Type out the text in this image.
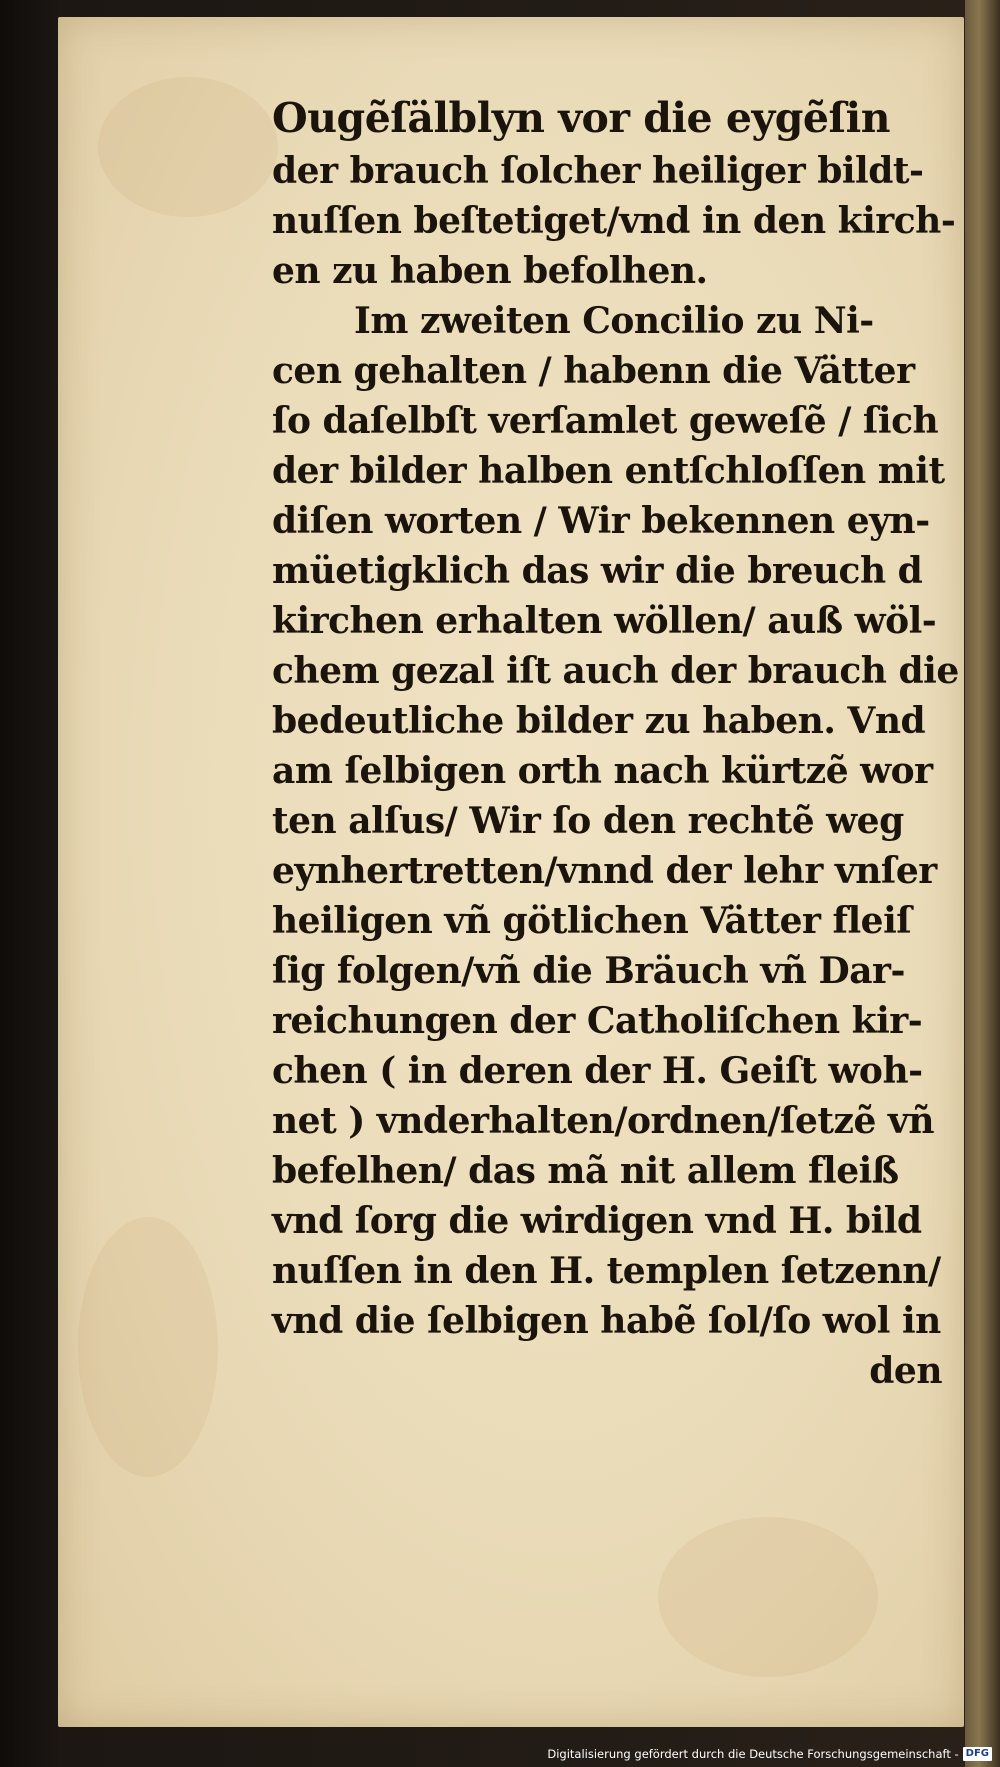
Ougẽſälblyn vor die eygẽſin
der brauch ſolcher heiliger bildt-
nuſſen beſtetiget/vnd in den kirch-
en zu haben befolhen.
Im zweiten Concilio zu Ni-
cen gehalten / habenn die Vätter
ſo daſelbſt verſamlet geweſẽ / ſich
der bilder halben entſchloſſen mit
diſen worten / Wir bekennen eyn-
müetigklich das wir die breuch d
kirchen erhalten wöllen/ auß wöl-
chem gezal iſt auch der brauch die
bedeutliche bilder zu haben. Vnd
am ſelbigen orth nach kürtzẽ wor
ten alſus/ Wir ſo den rechtẽ weg
eynhertretten/vnnd der lehr vnſer
heiligen vñ götlichen Vätter fleiſ
ſig folgen/vñ die Bräuch vñ Dar-
reichungen der Catholiſchen kir-
chen ( in deren der H. Geiſt woh-
net ) vnderhalten/ordnen/ſetzẽ vñ
befelhen/ das mã nit allem fleiß
vnd ſorg die wirdigen vnd H. bild
nuſſen in den H. templen ſetzenn/
vnd die ſelbigen habẽ ſol/ſo wol in
den
Digitalisierung gefördert durch die Deutsche Forschungsgemeinschaft - DFG
